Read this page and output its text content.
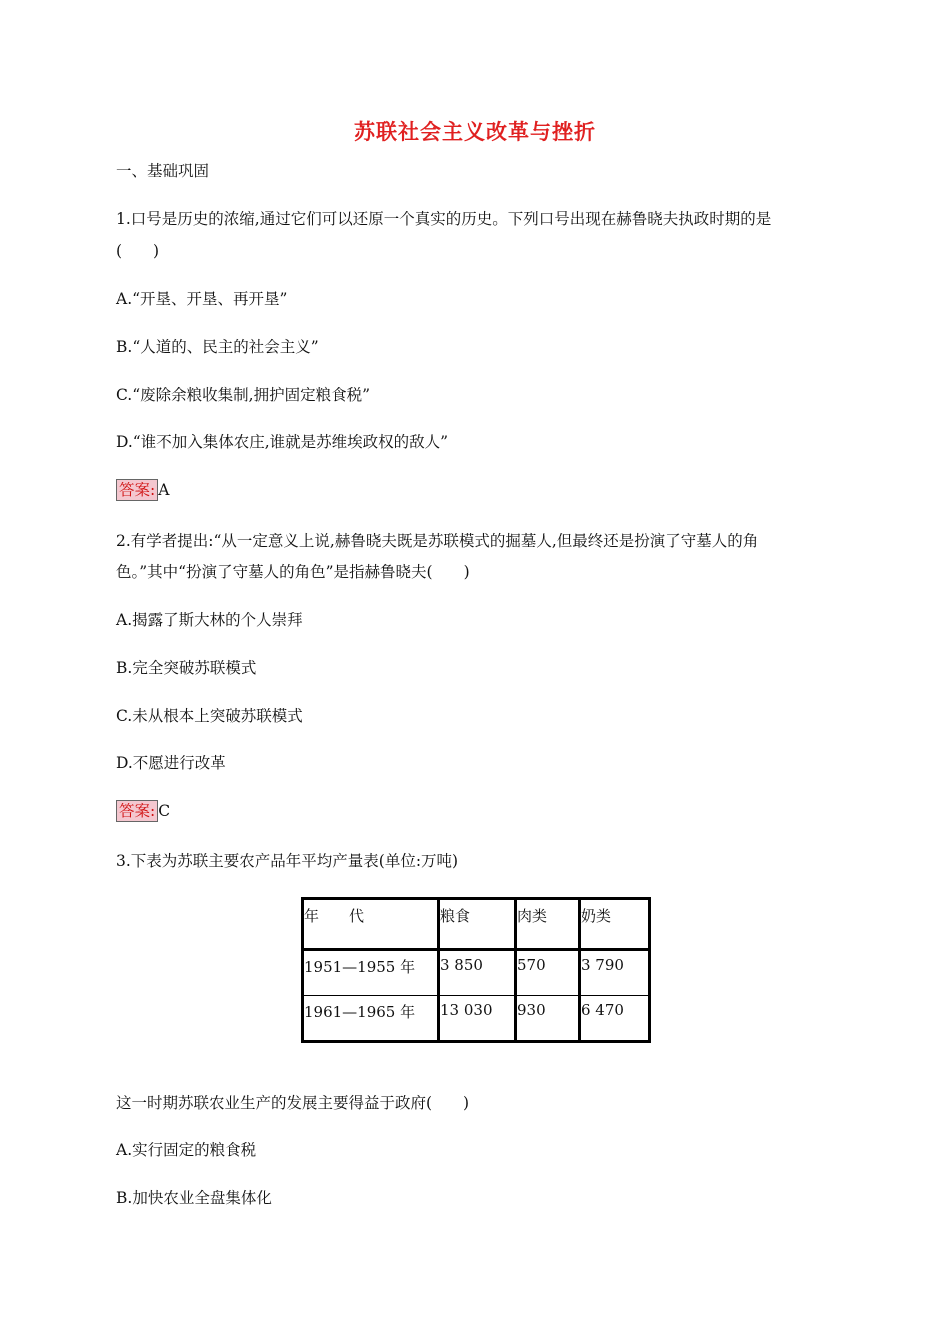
苏联社会主义改革与挫折
一、基础巩固
1.口号是历史的浓缩,通过它们可以还原一个真实的历史。下列口号出现在赫鲁晓夫执政时期的是
(　　)
A.“开垦、开垦、再开垦”
B.“人道的、民主的社会主义”
C.“废除余粮收集制,拥护固定粮食税”
D.“谁不加入集体农庄,谁就是苏维埃政权的敌人”
答案: A
2.有学者提出:“从一定意义上说,赫鲁晓夫既是苏联模式的掘墓人,但最终还是扮演了守墓人的角
色。”其中“扮演了守墓人的角色”是指赫鲁晓夫(　　)
A.揭露了斯大林的个人崇拜
B.完全突破苏联模式
C.未从根本上突破苏联模式
D.不愿进行改革
答案: C
3.下表为苏联主要农产品年平均产量表(单位:万吨)
年　　代	粮食	肉类	奶类
1951—1955 年	3 850	570	3 790
1961—1965 年	13 030	930	6 470
这一时期苏联农业生产的发展主要得益于政府(　　)
A.实行固定的粮食税
B.加快农业全盘集体化
